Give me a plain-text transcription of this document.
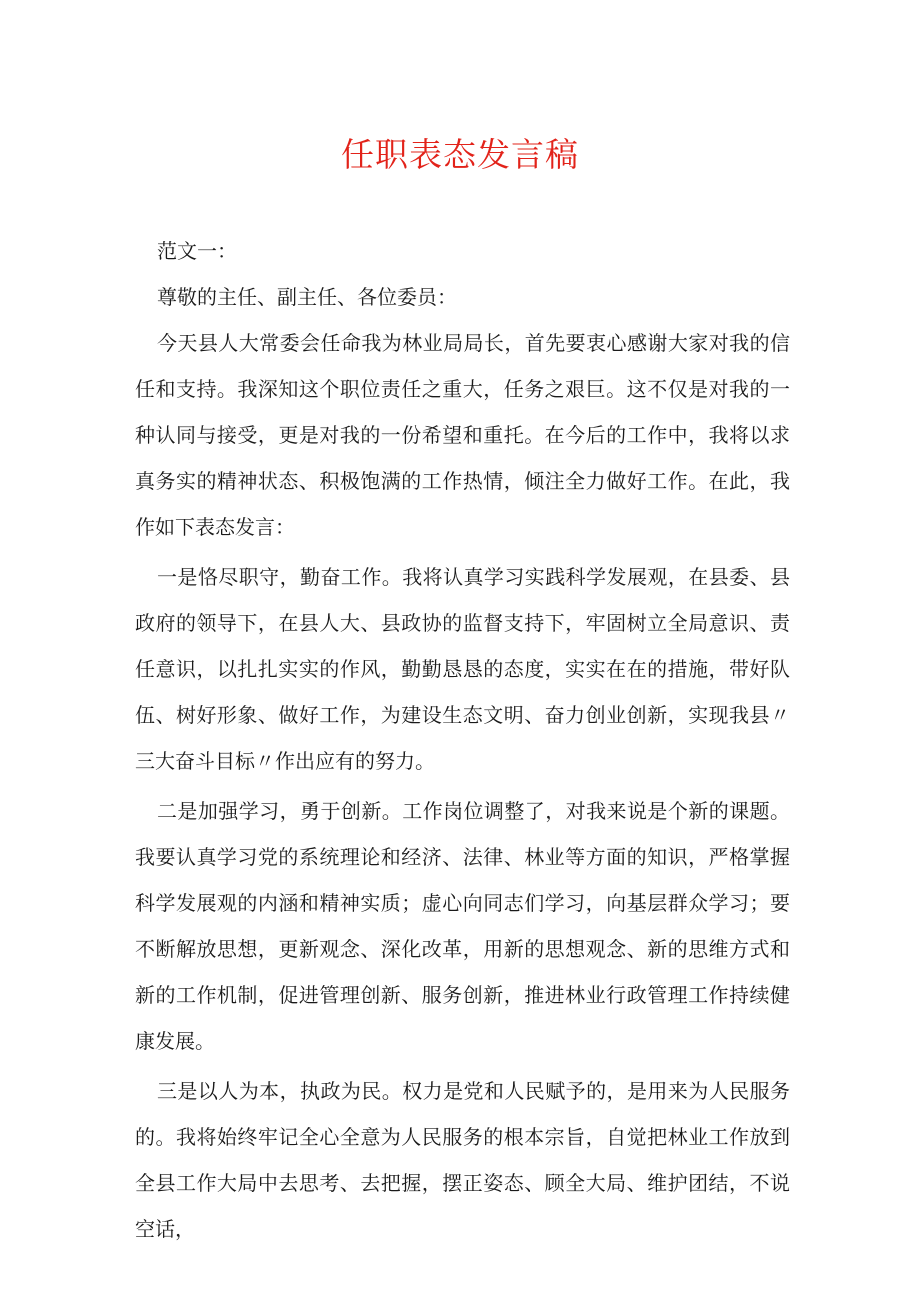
任职表态发言稿

范文一：

尊敬的主任、副主任、各位委员：

今天县人大常委会任命我为林业局局长，首先要衷心感谢大家对我的信任和支持。我深知这个职位责任之重大，任务之艰巨。这不仅是对我的一种认同与接受，更是对我的一份希望和重托。在今后的工作中，我将以求真务实的精神状态、积极饱满的工作热情，倾注全力做好工作。在此，我作如下表态发言：

一是恪尽职守，勤奋工作。我将认真学习实践科学发展观，在县委、县政府的领导下，在县人大、县政协的监督支持下，牢固树立全局意识、责任意识，以扎扎实实的作风，勤勤恳恳的态度，实实在在的措施，带好队伍、树好形象、做好工作，为建设生态文明、奋力创业创新，实现我县〃三大奋斗目标〃作出应有的努力。

二是加强学习，勇于创新。工作岗位调整了，对我来说是个新的课题。我要认真学习党的系统理论和经济、法律、林业等方面的知识，严格掌握科学发展观的内涵和精神实质；虚心向同志们学习，向基层群众学习；要不断解放思想，更新观念、深化改革，用新的思想观念、新的思维方式和新的工作机制，促进管理创新、服务创新，推进林业行政管理工作持续健康发展。

三是以人为本，执政为民。权力是党和人民赋予的，是用来为人民服务的。我将始终牢记全心全意为人民服务的根本宗旨，自觉把林业工作放到全县工作大局中去思考、去把握，摆正姿态、顾全大局、维护团结，不说空话，
